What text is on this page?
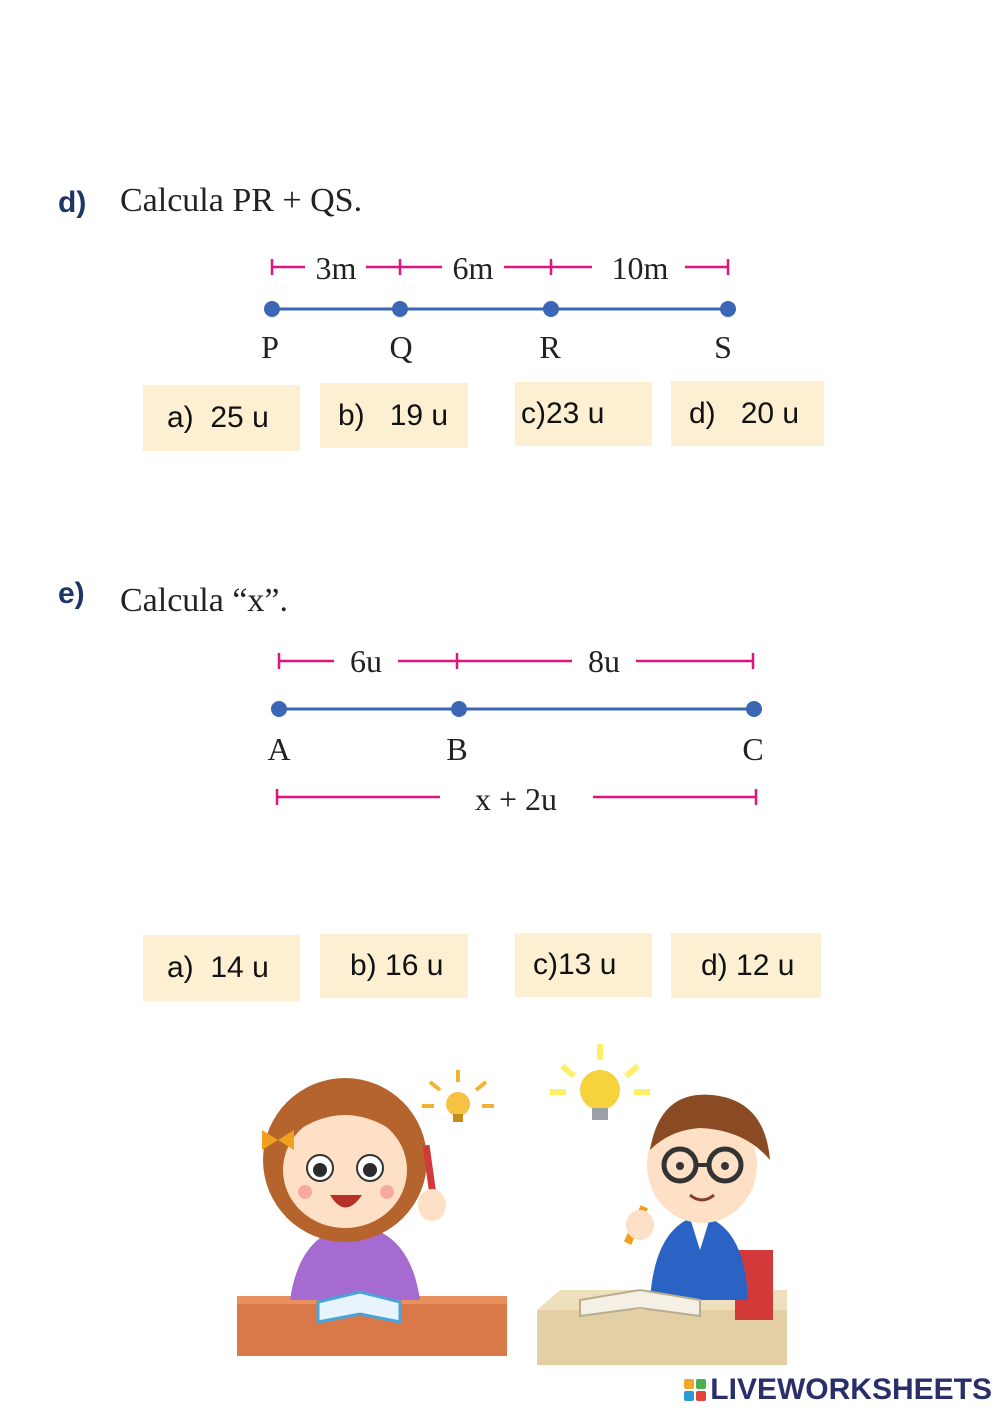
d) Calcula PR + QS.
3m	6m	10m
P	Q	R	S
a)
25 u b)
19 u c) 23 u	d)
20 u
e) Calcula “x”.
6u	8u
A	B	C
x + 2u
a)
14 u	b)
16 u	c) 13 u	d)
12 u
LIVEWORKSHEETS
